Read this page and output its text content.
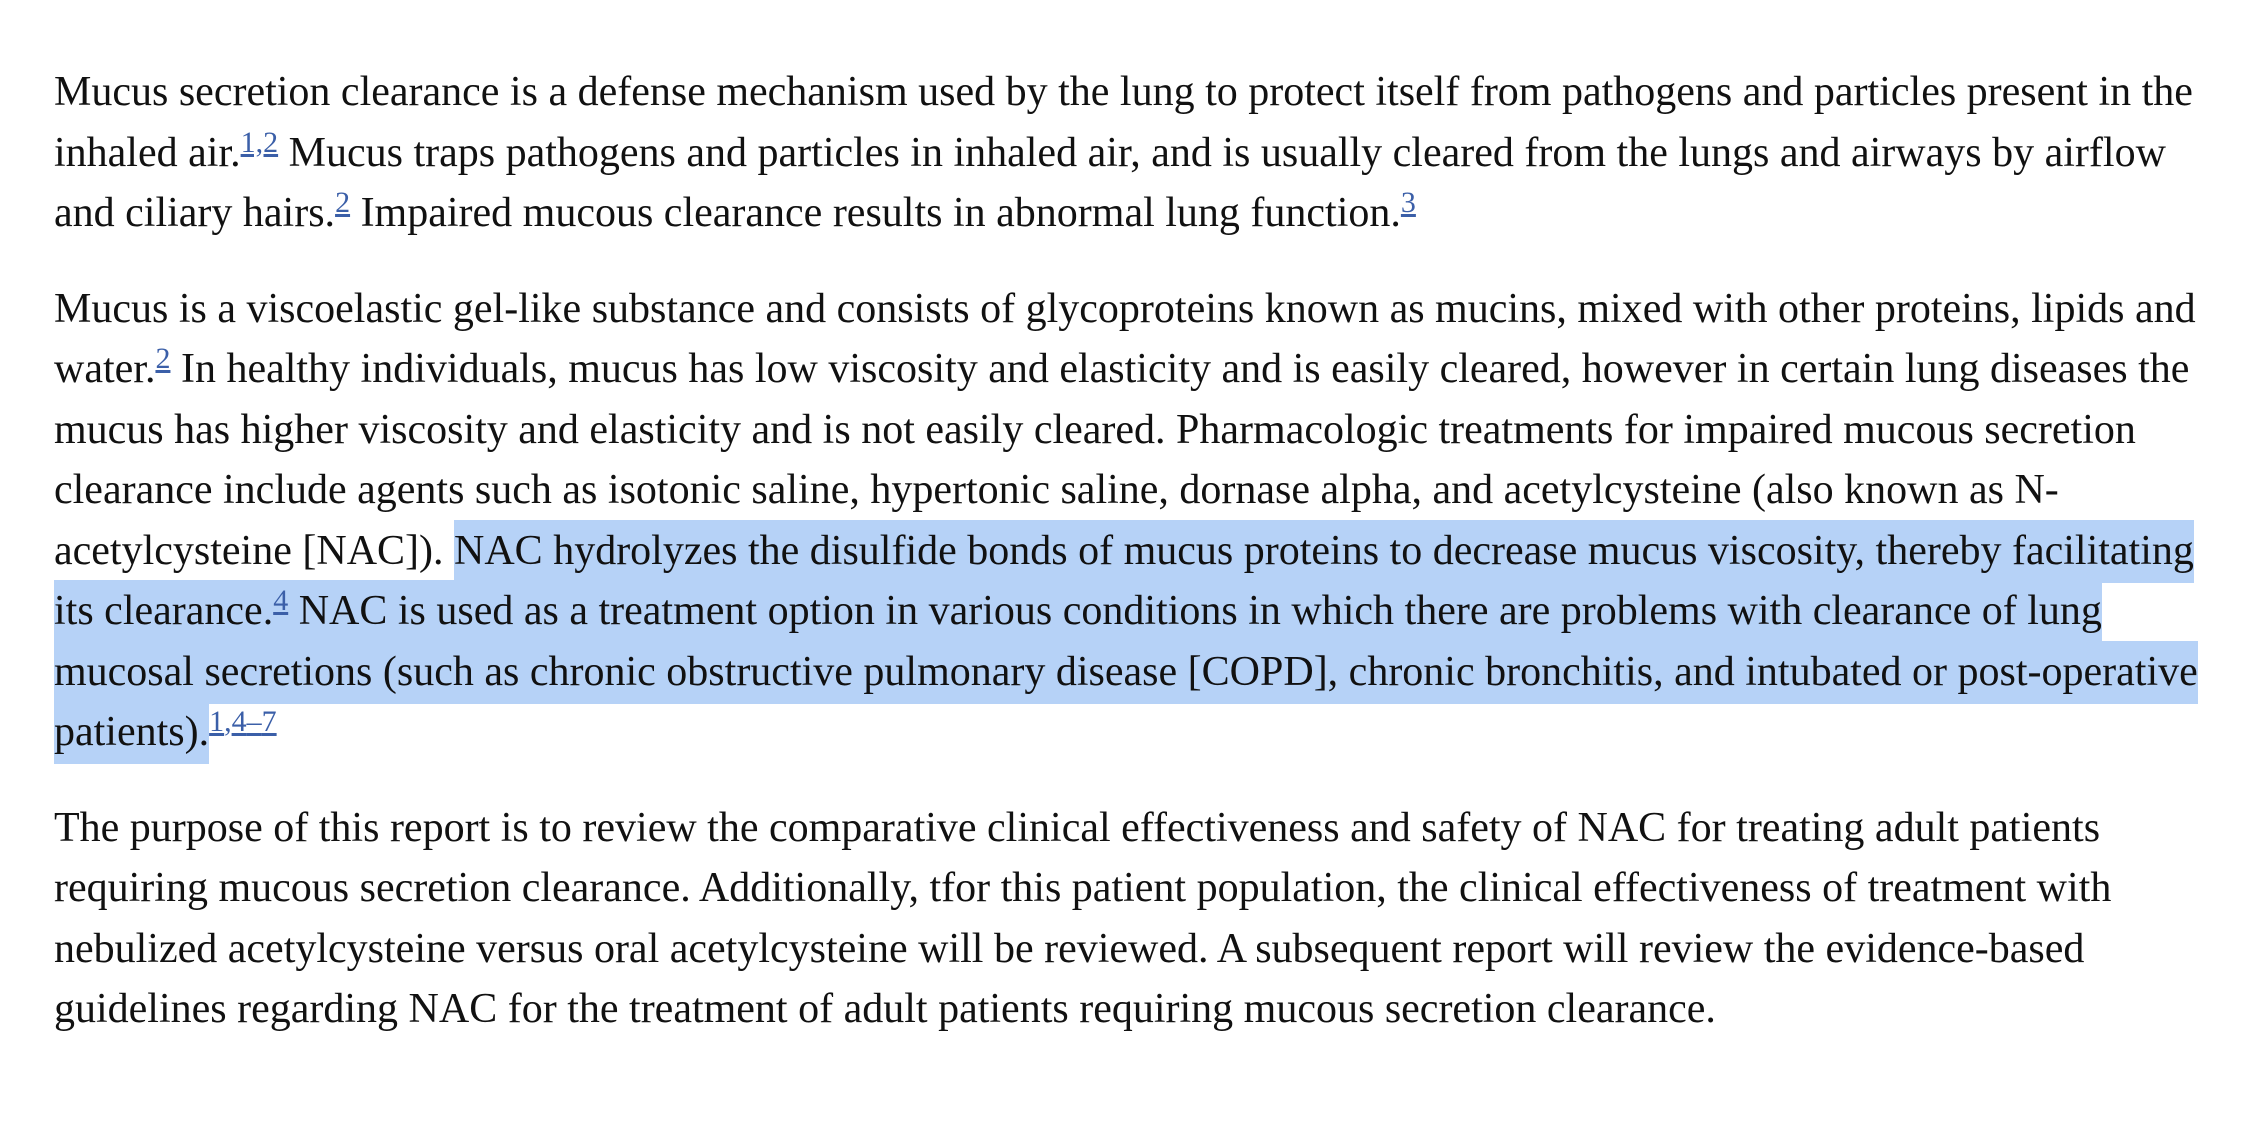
Mucus secretion clearance is a defense mechanism used by the lung to protect itself from pathogens and particles present in the inhaled air.$^{1,2}$ Mucus traps pathogens and particles in inhaled air, and is usually cleared from the lungs and airways by airflow and ciliary hairs.$^2$ Impaired mucous clearance results in abnormal lung function.$^3$

Mucus is a viscoelastic gel-like substance and consists of glycoproteins known as mucins, mixed with other proteins, lipids and water.$^2$ In healthy individuals, mucus has low viscosity and elasticity and is easily cleared, however in certain lung diseases the mucus has higher viscosity and elasticity and is not easily cleared. Pharmacologic treatments for impaired mucous secretion clearance include agents such as isotonic saline, hypertonic saline, dornase alpha, and acetylcysteine (also known as N-acetylcysteine [NAC]). NAC hydrolyzes the disulfide bonds of mucus proteins to decrease mucus viscosity, thereby facilitating its clearance.$^4$ NAC is used as a treatment option in various conditions in which there are problems with clearance of lung mucosal secretions (such as chronic obstructive pulmonary disease [COPD], chronic bronchitis, and intubated or post-operative patients).$^{1,4-7}$

The purpose of this report is to review the comparative clinical effectiveness and safety of NAC for treating adult patients requiring mucous secretion clearance. Additionally, tfor this patient population, the clinical effectiveness of treatment with nebulized acetylcysteine versus oral acetylcysteine will be reviewed. A subsequent report will review the evidence-based guidelines regarding NAC for the treatment of adult patients requiring mucous secretion clearance.
